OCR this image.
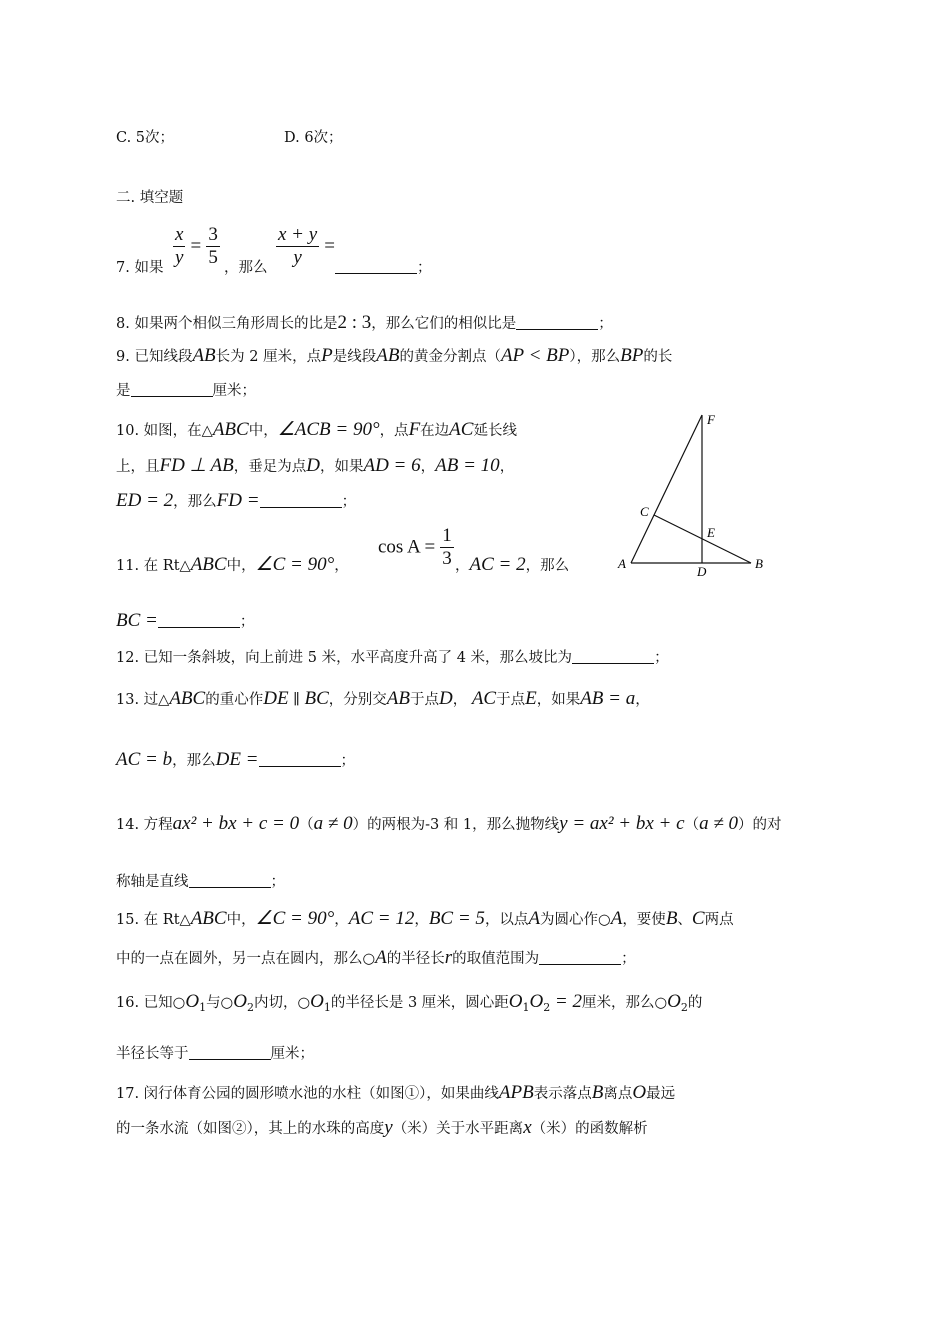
C. 5次；	D. 6次；
二. 填空题
7. 如果 $\frac{x}{y} = \frac{3}{5}$ ，那么 $\frac{x + y}{y}$ =
；
8. 如果两个相似三角形周长的比是2 : 3，那么它们的相似比是	；
9. 已知线段AB长为 2 厘米，点P是线段AB的黄金分割点（AP < BP），那么BP的长
是	厘米；
10. 如图，在△ABC中，∠ACB = 90°，点F在边AC延长线
上，且FD ⊥ AB，垂足为点D，如果AD = 6，AB = 10，
ED = 2，那么FD =	；
F
C
E
A
D
B
11. 在 Rt△ABC中，∠C = 90°，
$\cos A = \frac{1}{3}$ ，AC = 2，那么
BC =	；
12. 已知一条斜坡，向上前进 5 米，水平高度升高了 4 米，那么坡比为	；
13. 过△ABC的重心作DE ∥ BC，分别交AB于点D， AC于点E，如果AB = a，
AC = b，那么DE =	；
14. 方程ax² + bx + c = 0（a ≠ 0）的两根为-3 和 1，那么抛物线y = ax² + bx + c（a ≠ 0）的对
称轴是直线	；
15. 在 Rt△ABC中，∠C = 90°，AC = 12，BC = 5，以点A为圆心作○A，要使B、C两点
中的一点在圆外，另一点在圆内，那么○A的半径长r的取值范围为	；
16. 已知$○O_1$与$○O_2$内切，$○O_1$的半径长是 3 厘米，圆心距$O_1O_2 = 2$厘米，那么$○O_2$的
半径长等于	厘米；
17. 闵行体育公园的圆形喷水池的水柱（如图①），如果曲线APB表示落点B离点O最远
的一条水流（如图②），其上的水珠的高度y（米）关于水平距离x（米）的函数解析
